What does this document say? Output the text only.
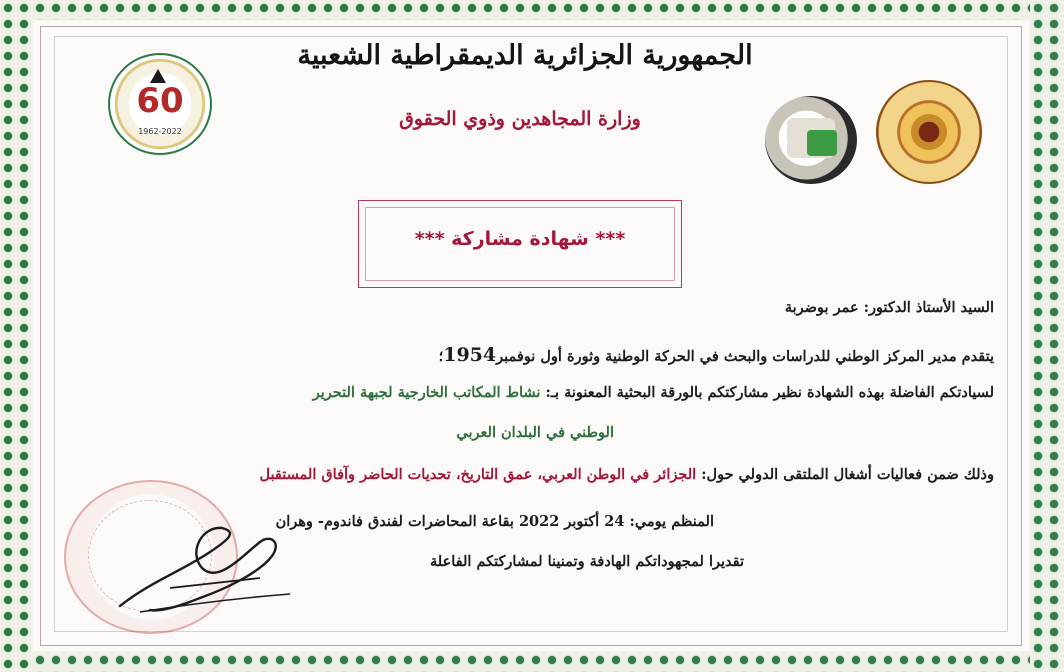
60
1962-2022
الجمهورية الجزائرية الديمقراطية الشعبية
وزارة المجاهدين وذوي الحقوق
*** شهادة مشاركة ***
السيد الأستاذ الدكتور: عمر بوضربة
يتقدم مدير المركز الوطني للدراسات والبحث في الحركة الوطنية وثورة أول نوفمبر1954؛
لسيادتكم الفاضلة بهذه الشهادة نظير مشاركتكم بالورقة البحثية المعنونة بـ: نشاط المكاتب الخارجية لجبهة التحرير
الوطني في البلدان العربي
وذلك ضمن فعاليات أشغال الملتقى الدولي حول: الجزائر في الوطن العربي، عمق التاريخ، تحديات الحاضر وآفاق المستقبل
المنظم يومي: 24 أكتوبر 2022 بقاعة المحاضرات لفندق فاندوم- وهران
تقديرا لمجهوداتكم الهادفة وتمنينا لمشاركتكم الفاعلة
